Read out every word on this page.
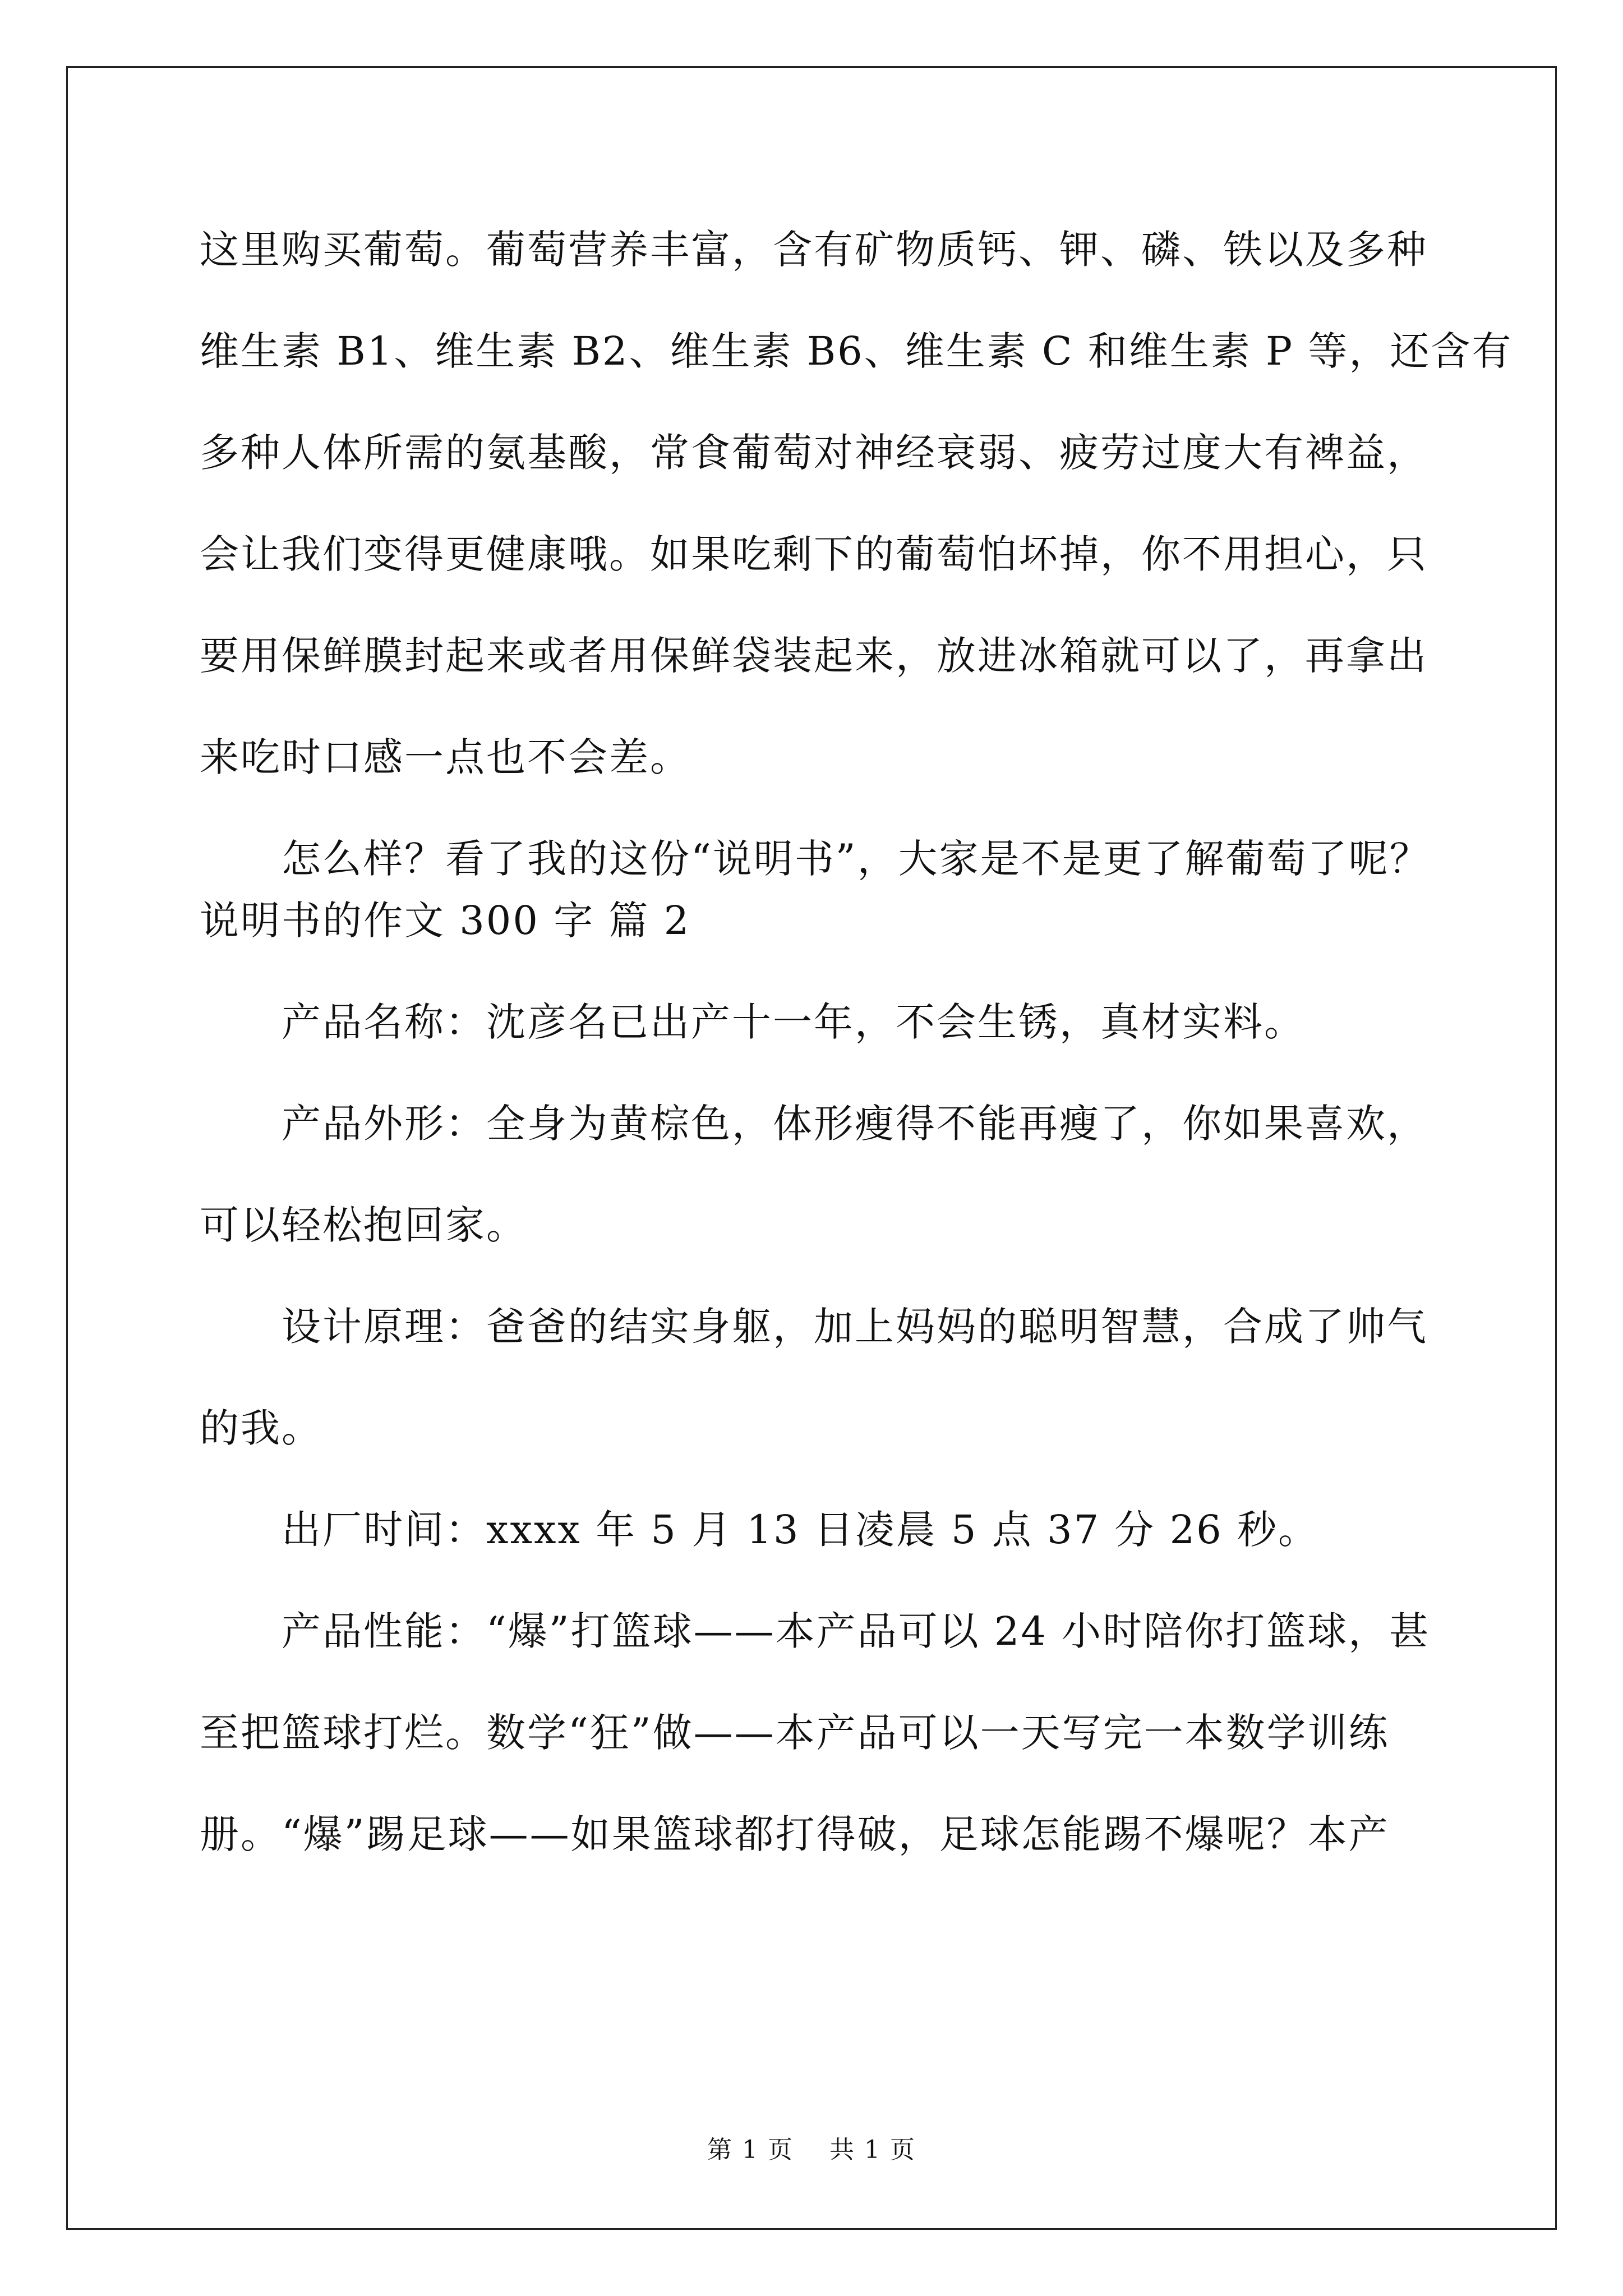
这里购买葡萄。葡萄营养丰富，含有矿物质钙、钾、磷、铁以及多种
维生素 B1、维生素 B2、维生素 B6、维生素 C 和维生素 P 等，还含有
多种人体所需的氨基酸，常食葡萄对神经衰弱、疲劳过度大有裨益，
会让我们变得更健康哦。如果吃剩下的葡萄怕坏掉，你不用担心，只
要用保鲜膜封起来或者用保鲜袋装起来，放进冰箱就可以了，再拿出
来吃时口感一点也不会差。
　　怎么样？看了我的这份“说明书”，大家是不是更了解葡萄了呢？
说明书的作文 300 字 篇 2
　　产品名称：沈彦名已出产十一年，不会生锈，真材实料。
　　产品外形：全身为黄棕色，体形瘦得不能再瘦了，你如果喜欢，
可以轻松抱回家。
　　设计原理：爸爸的结实身躯，加上妈妈的聪明智慧，合成了帅气
的我。
　　出厂时间：xxxx 年 5 月 13 日凌晨 5 点 37 分 26 秒。
　　产品性能：“爆”打篮球——本产品可以 24 小时陪你打篮球，甚
至把篮球打烂。数学“狂”做——本产品可以一天写完一本数学训练
册。“爆”踢足球——如果篮球都打得破，足球怎能踢不爆呢？本产
第 1 页    共 1 页
